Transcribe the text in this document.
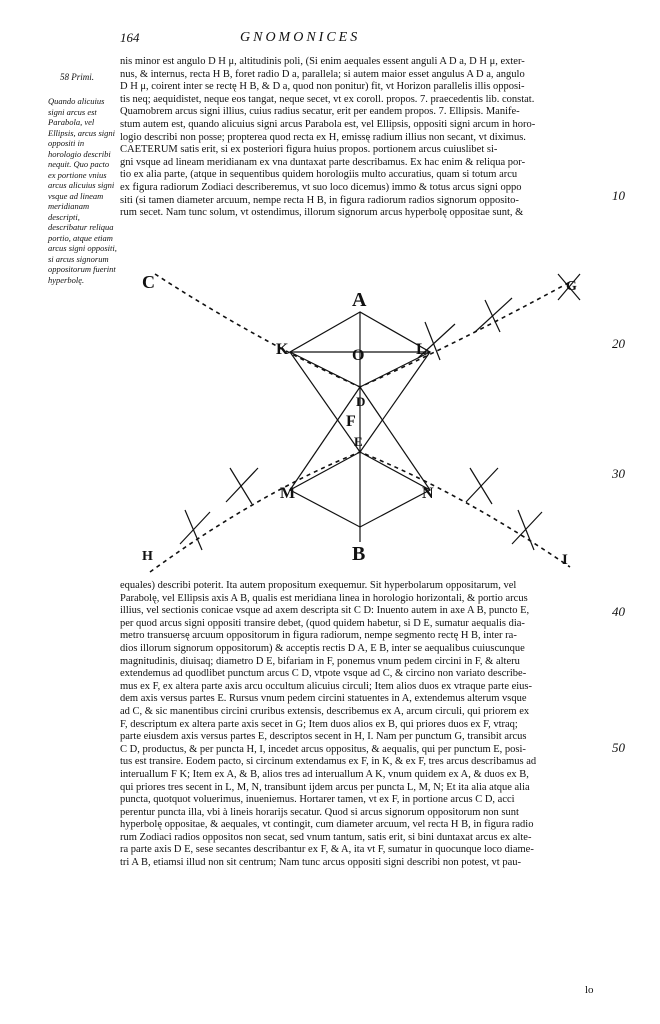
164	GNOMONICES
58 Primi.
Quando alicuius signi arcus est Parabola, vel Ellipsis, arcus signi oppositi in horologio describi nequit. Quo pacto ex portione vnius arcus alicuius signi vsque ad lineam meridianam descripti, describatur reliqua portio, atque etiam arcus signi oppositi, si arcus signorum oppositorum fuerint hyperbolę.
10
20
30
40
50
nis minor est angulo D H μ, altitudinis poli, (Si enim aequales essent anguli A D a, D H μ, exter-
nus, & internus, recta H B, foret radio D a, parallela; si autem maior esset angulus A D a, angulo
D H μ, coirent inter se rectę H B, & D a, quod non ponitur) fit, vt Horizon parallelis illis opposi-
tis neq; aequidistet, neque eos tangat, neque secet, vt ex coroll. propos. 7. praecedentis lib. constat.
Quamobrem arcus signi illius, cuius radius secatur, erit per eandem propos. 7. Ellipsis. Manife-
stum autem est, quando alicuius signi arcus Parabola est, vel Ellipsis, oppositi signi arcum in horo-
logio describi non posse; propterea quod recta ex H, emissę radium illius non secant, vt diximus.
CAETERUM satis erit, si ex posteriori figura huius propos. portionem arcus cuiuslibet si-
gni vsque ad lineam meridianam ex vna duntaxat parte describamus. Ex hac enim & reliqua por-
tio ex alia parte, (atque in sequentibus quidem horologiis multo accuratius, quam si totum arcu
ex figura radiorum Zodiaci describeremus, vt suo loco dicemus) immo & totus arcus signi oppo
siti (si tamen diameter arcuum, nempe recta H B, in figura radiorum radios signorum opposito-
rum secet. Nam tunc solum, vt ostendimus, illorum signorum arcus hyperbolę oppositae sunt, &
A
B
C
D
E
F
G
H	I
K	L
M	N
O
equales) describi poterit. Ita autem propositum exequemur. Sit hyperbolarum oppositarum, vel
Parabolę, vel Ellipsis axis A B, qualis est meridiana linea in horologio horizontali, & portio arcus
illius, vel sectionis conicae vsque ad axem descripta sit C D: Inuento autem in axe A B, puncto E,
per quod arcus signi oppositi transire debet, (quod quidem habetur, si D E, sumatur aequalis dia-
metro transuersę arcuum oppositorum in figura radiorum, nempe segmento rectę H B, inter ra-
dios illorum signorum oppositorum) & acceptis rectis D A, E B, inter se aequalibus cuiuscunque
magnitudinis, diuisaq; diametro D E, bifariam in F, ponemus vnum pedem circini in F, & alteru
extendemus ad quodlibet punctum arcus C D, vtpote vsque ad C, & circino non variato describe-
mus ex F, ex altera parte axis arcu occultum alicuius circuli; Item alios duos ex vtraque parte eius-
dem axis versus partes E. Rursus vnum pedem circini statuentes in A, extendemus alterum vsque
ad C, & sic manentibus circini cruribus extensis, describemus ex A, arcum circuli, qui priorem ex
F, descriptum ex altera parte axis secet in G; Item duos alios ex B, qui priores duos ex F, vtraq;
parte eiusdem axis versus partes E, descriptos secent in H, I. Nam per punctum G, transibit arcus
C D, productus, & per puncta H, I, incedet arcus oppositus, & aequalis, qui per punctum E, posi-
tus est transire. Eodem pacto, si circinum extendamus ex F, in K, & ex F, tres arcus describamus ad
interuallum F K; Item ex A, & B, alios tres ad interuallum A K, vnum quidem ex A, & duos ex B,
qui priores tres secent in L, M, N, transibunt ijdem arcus per puncta L, M, N; Et ita alia atque alia
puncta, quotquot voluerimus, inueniemus. Hortarer tamen, vt ex F, in portione arcus C D, acci
perentur puncta illa, vbi à lineis horarijs secatur. Quod si arcus signorum oppositorum non sunt
hyperbolę oppositae, & aequales, vt contingit, cum diameter arcuum, vel recta H B, in figura radio
rum Zodiaci radios oppositos non secat, sed vnum tantum, satis erit, si bini duntaxat arcus ex alte-
ra parte axis D E, sese secantes describantur ex F, & A, ita vt F, sumatur in quocunque loco diame-
tri A B, etiamsi illud non sit centrum; Nam tunc arcus oppositi signi describi non potest, vt pau-
lo
